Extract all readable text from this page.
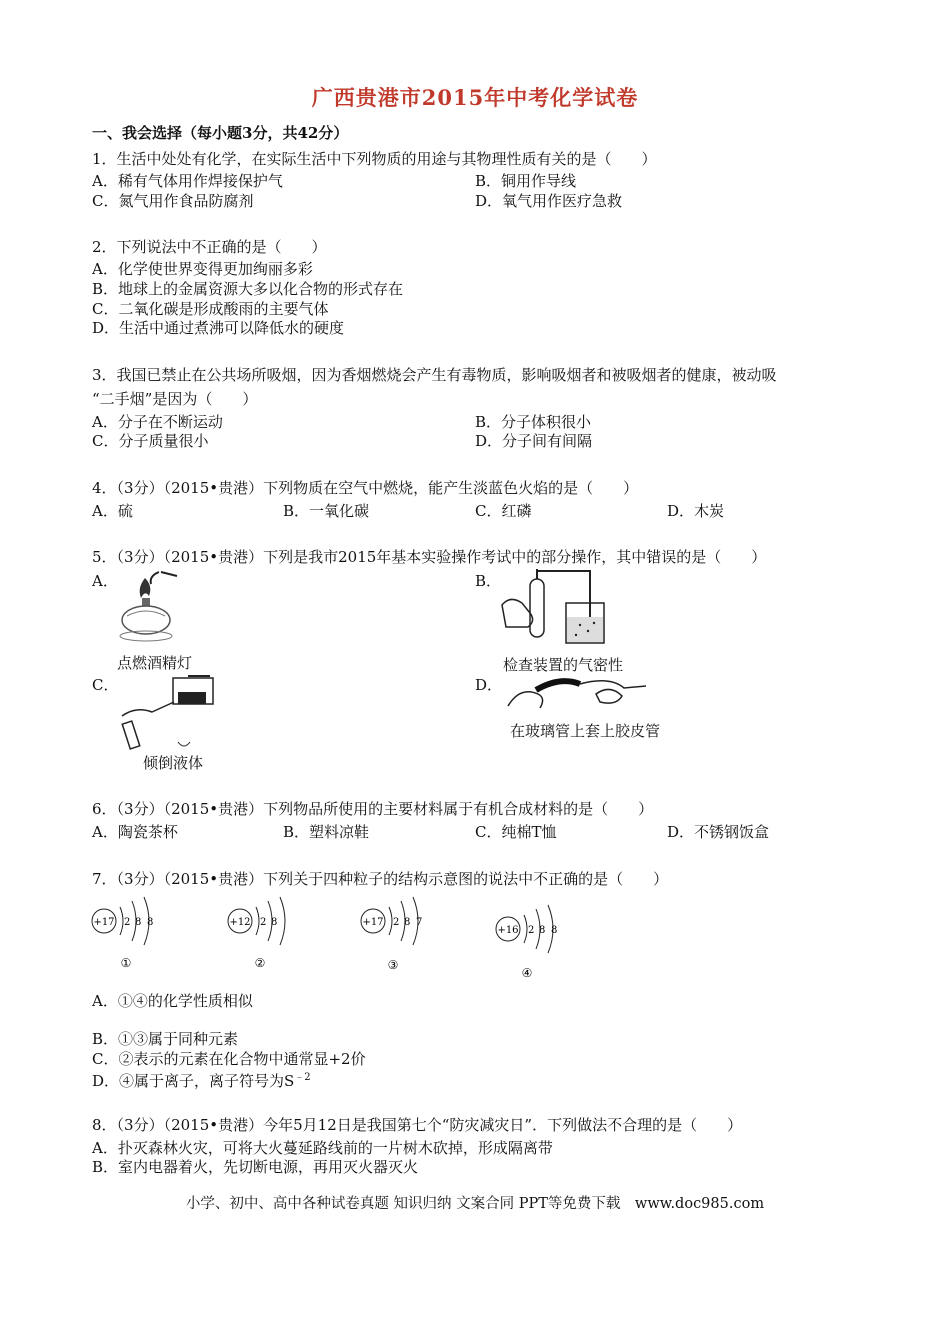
广西贵港市2015年中考化学试卷
一、我会选择（每小题3分，共42分）
1．生活中处处有化学，在实际生活中下列物质的用途与其物理性质有关的是（　　）
A．稀有气体用作焊接保护气	B．铜用作导线
C．氮气用作食品防腐剂	D．氧气用作医疗急救
2．下列说法中不正确的是（　　）
A．化学使世界变得更加绚丽多彩
B．地球上的金属资源大多以化合物的形式存在
C．二氧化碳是形成酸雨的主要气体
D．生活中通过煮沸可以降低水的硬度
3．我国已禁止在公共场所吸烟，因为香烟燃烧会产生有毒物质，影响吸烟者和被吸烟者的健康，被动吸
“二手烟”是因为（　　）
A．分子在不断运动	B．分子体积很小
C．分子质量很小	D．分子间有间隔
4．（3分）（2015•贵港）下列物质在空气中燃烧，能产生淡蓝色火焰的是（　　）
A．硫	B．一氧化碳	C．红磷	D．木炭
5．（3分）（2015•贵港）下列是我市2015年基本实验操作考试中的部分操作，其中错误的是（　　）
A．
点燃酒精灯
B．
检查装置的气密性
C．
倾倒液体
D．
在玻璃管上套上胶皮管
6．（3分）（2015•贵港）下列物品所使用的主要材料属于有机合成材料的是（　　）
A．陶瓷茶杯	B．塑料凉鞋	C．纯棉T恤	D．不锈钢饭盒
7．（3分）（2015•贵港）下列关于四种粒子的结构示意图的说法中不正确的是（　　）
+17 2 8 8
①
+12 2 8
②
+17 2 8 7
③
+16 2 8 8
④
A．①④的化学性质相似
B．①③属于同种元素
C．②表示的元素在化合物中通常显+2价
D．④属于离子，离子符号为$S^{﹣2}$
8．（3分）（2015•贵港）今年5月12日是我国第七个“防灾减灾日”．下列做法不合理的是（　　）
A．扑灭森林火灾，可将大火蔓延路线前的一片树木砍掉，形成隔离带
B．室内电器着火，先切断电源，再用灭火器灭火
小学、初中、高中各种试卷真题 知识归纳 文案合同 PPT等免费下载　www.doc985.com
